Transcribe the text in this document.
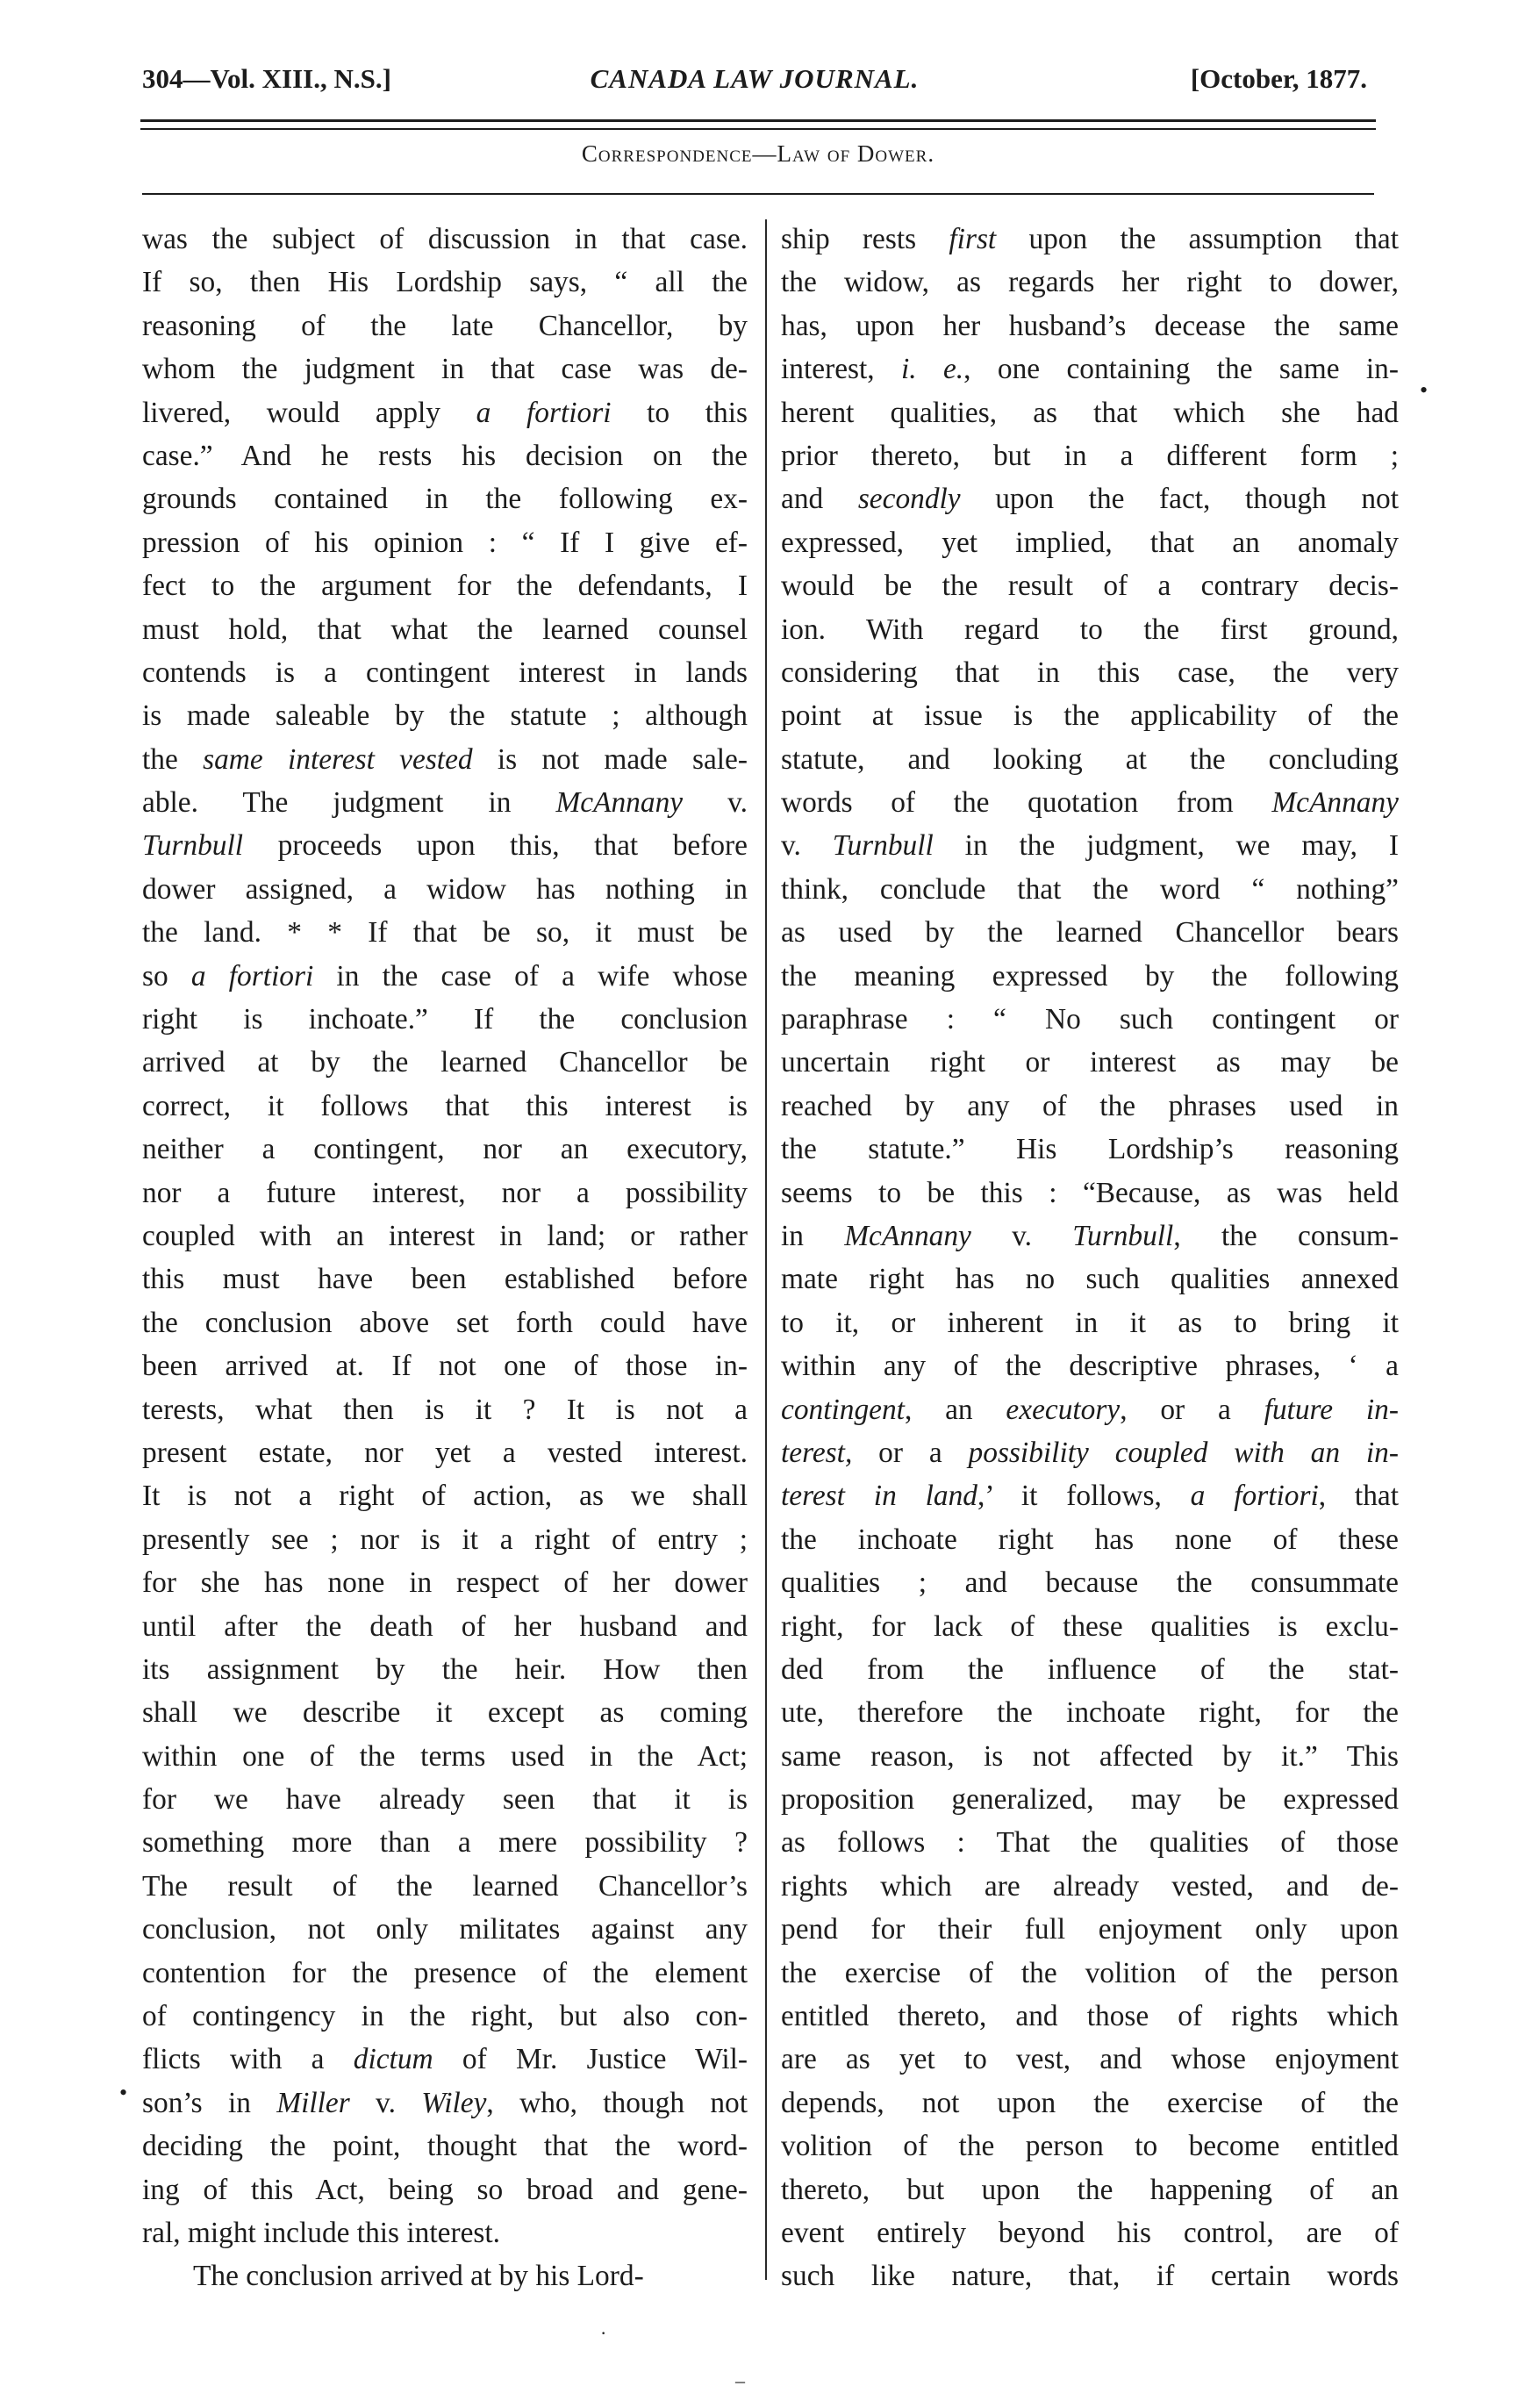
304—Vol. XIII., N.S.]	CANADA LAW JOURNAL.	[October, 1877.
Correspondence—Law of Dower.
was the subject of discussion in that case.
If so, then His Lordship says, “ all the
reasoning of the late Chancellor, by
whom the judgment in that case was de-
livered, would apply a fortiori to this
case.” And he rests his decision on the
grounds contained in the following ex-
pression of his opinion : “ If I give ef-
fect to the argument for the defendants, I
must hold, that what the learned counsel
contends is a contingent interest in lands
is made saleable by the statute ; although
the same interest vested is not made sale-
able. The judgment in McAnnany v.
Turnbull proceeds upon this, that before
dower assigned, a widow has nothing in
the land. * * If that be so, it must be
so a fortiori in the case of a wife whose
right is inchoate.” If the conclusion
arrived at by the learned Chancellor be
correct, it follows that this interest is
neither a contingent, nor an executory,
nor a future interest, nor a possibility
coupled with an interest in land; or rather
this must have been established before
the conclusion above set forth could have
been arrived at. If not one of those in-
terests, what then is it ? It is not a
present estate, nor yet a vested interest.
It is not a right of action, as we shall
presently see ; nor is it a right of entry ;
for she has none in respect of her dower
until after the death of her husband and
its assignment by the heir. How then
shall we describe it except as coming
within one of the terms used in the Act;
for we have already seen that it is
something more than a mere possibility ?
The result of the learned Chancellor’s
conclusion, not only militates against any
contention for the presence of the element
of contingency in the right, but also con-
flicts with a dictum of Mr. Justice Wil-
son’s in Miller v. Wiley, who, though not
deciding the point, thought that the word-
ing of this Act, being so broad and gene-
ral, might include this interest.
The conclusion arrived at by his Lord-
ship rests first upon the assumption that
the widow, as regards her right to dower,
has, upon her husband’s decease the same
interest, i. e., one containing the same in-
herent qualities, as that which she had
prior thereto, but in a different form ;
and secondly upon the fact, though not
expressed, yet implied, that an anomaly
would be the result of a contrary decis-
ion. With regard to the first ground,
considering that in this case, the very
point at issue is the applicability of the
statute, and looking at the concluding
words of the quotation from McAnnany
v. Turnbull in the judgment, we may, I
think, conclude that the word “ nothing”
as used by the learned Chancellor bears
the meaning expressed by the following
paraphrase : “ No such contingent or
uncertain right or interest as may be
reached by any of the phrases used in
the statute.” His Lordship’s reasoning
seems to be this : “Because, as was held
in McAnnany v. Turnbull, the consum-
mate right has no such qualities annexed
to it, or inherent in it as to bring it
within any of the descriptive phrases, ‘ a
contingent, an executory, or a future in-
terest, or a possibility coupled with an in-
terest in land,’ it follows, a fortiori, that
the inchoate right has none of these
qualities ; and because the consummate
right, for lack of these qualities is exclu-
ded from the influence of the stat-
ute, therefore the inchoate right, for the
same reason, is not affected by it.” This
proposition generalized, may be expressed
as follows : That the qualities of those
rights which are already vested, and de-
pend for their full enjoyment only upon
the exercise of the volition of the person
entitled thereto, and those of rights which
are as yet to vest, and whose enjoyment
depends, not upon the exercise of the
volition of the person to become entitled
thereto, but upon the happening of an
event entirely beyond his control, are of
such like nature, that, if certain words
•
•
·
–
